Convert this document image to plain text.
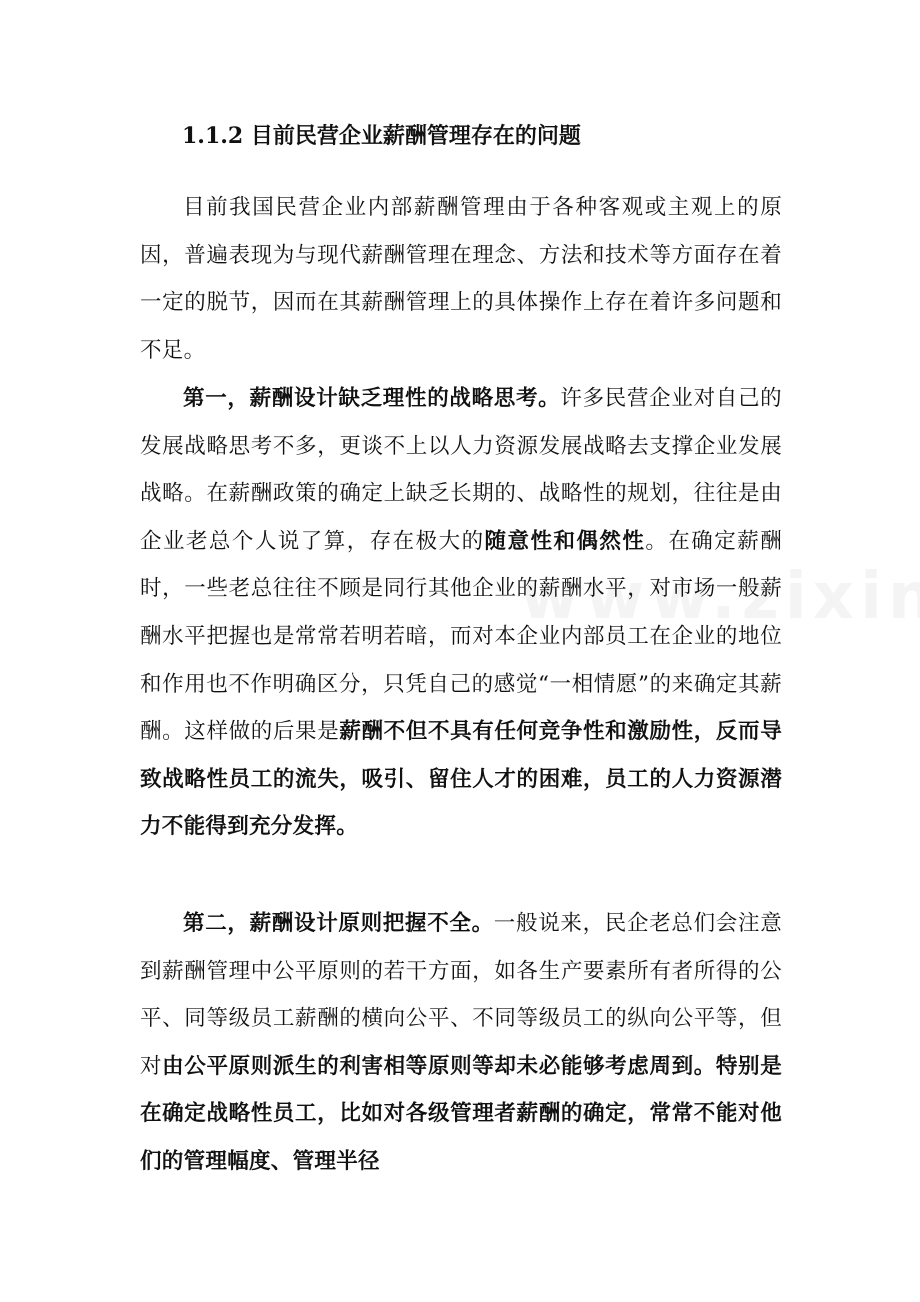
1.1.2 目前民营企业薪酬管理存在的问题

目前我国民营企业内部薪酬管理由于各种客观或主观上的原因，普遍表现为与现代薪酬管理在理念、方法和技术等方面存在着一定的脱节，因而在其薪酬管理上的具体操作上存在着许多问题和不足。

第一，薪酬设计缺乏理性的战略思考。许多民营企业对自己的发展战略思考不多，更谈不上以人力资源发展战略去支撑企业发展战略。在薪酬政策的确定上缺乏长期的、战略性的规划，往往是由企业老总个人说了算，存在极大的随意性和偶然性。在确定薪酬时，一些老总往往不顾是同行其他企业的薪酬水平，对市场一般薪酬水平把握也是常常若明若暗，而对本企业内部员工在企业的地位和作用也不作明确区分，只凭自己的感觉“一相情愿”的来确定其薪酬。这样做的后果是薪酬不但不具有任何竞争性和激励性，反而导致战略性员工的流失，吸引、留住人才的困难，员工的人力资源潜力不能得到充分发挥。

第二，薪酬设计原则把握不全。一般说来，民企老总们会注意到薪酬管理中公平原则的若干方面，如各生产要素所有者所得的公平、同等级员工薪酬的横向公平、不同等级员工的纵向公平等，但对由公平原则派生的利害相等原则等却未必能够考虑周到。特别是在确定战略性员工，比如对各级管理者薪酬的确定，常常不能对他们的管理幅度、管理半径
